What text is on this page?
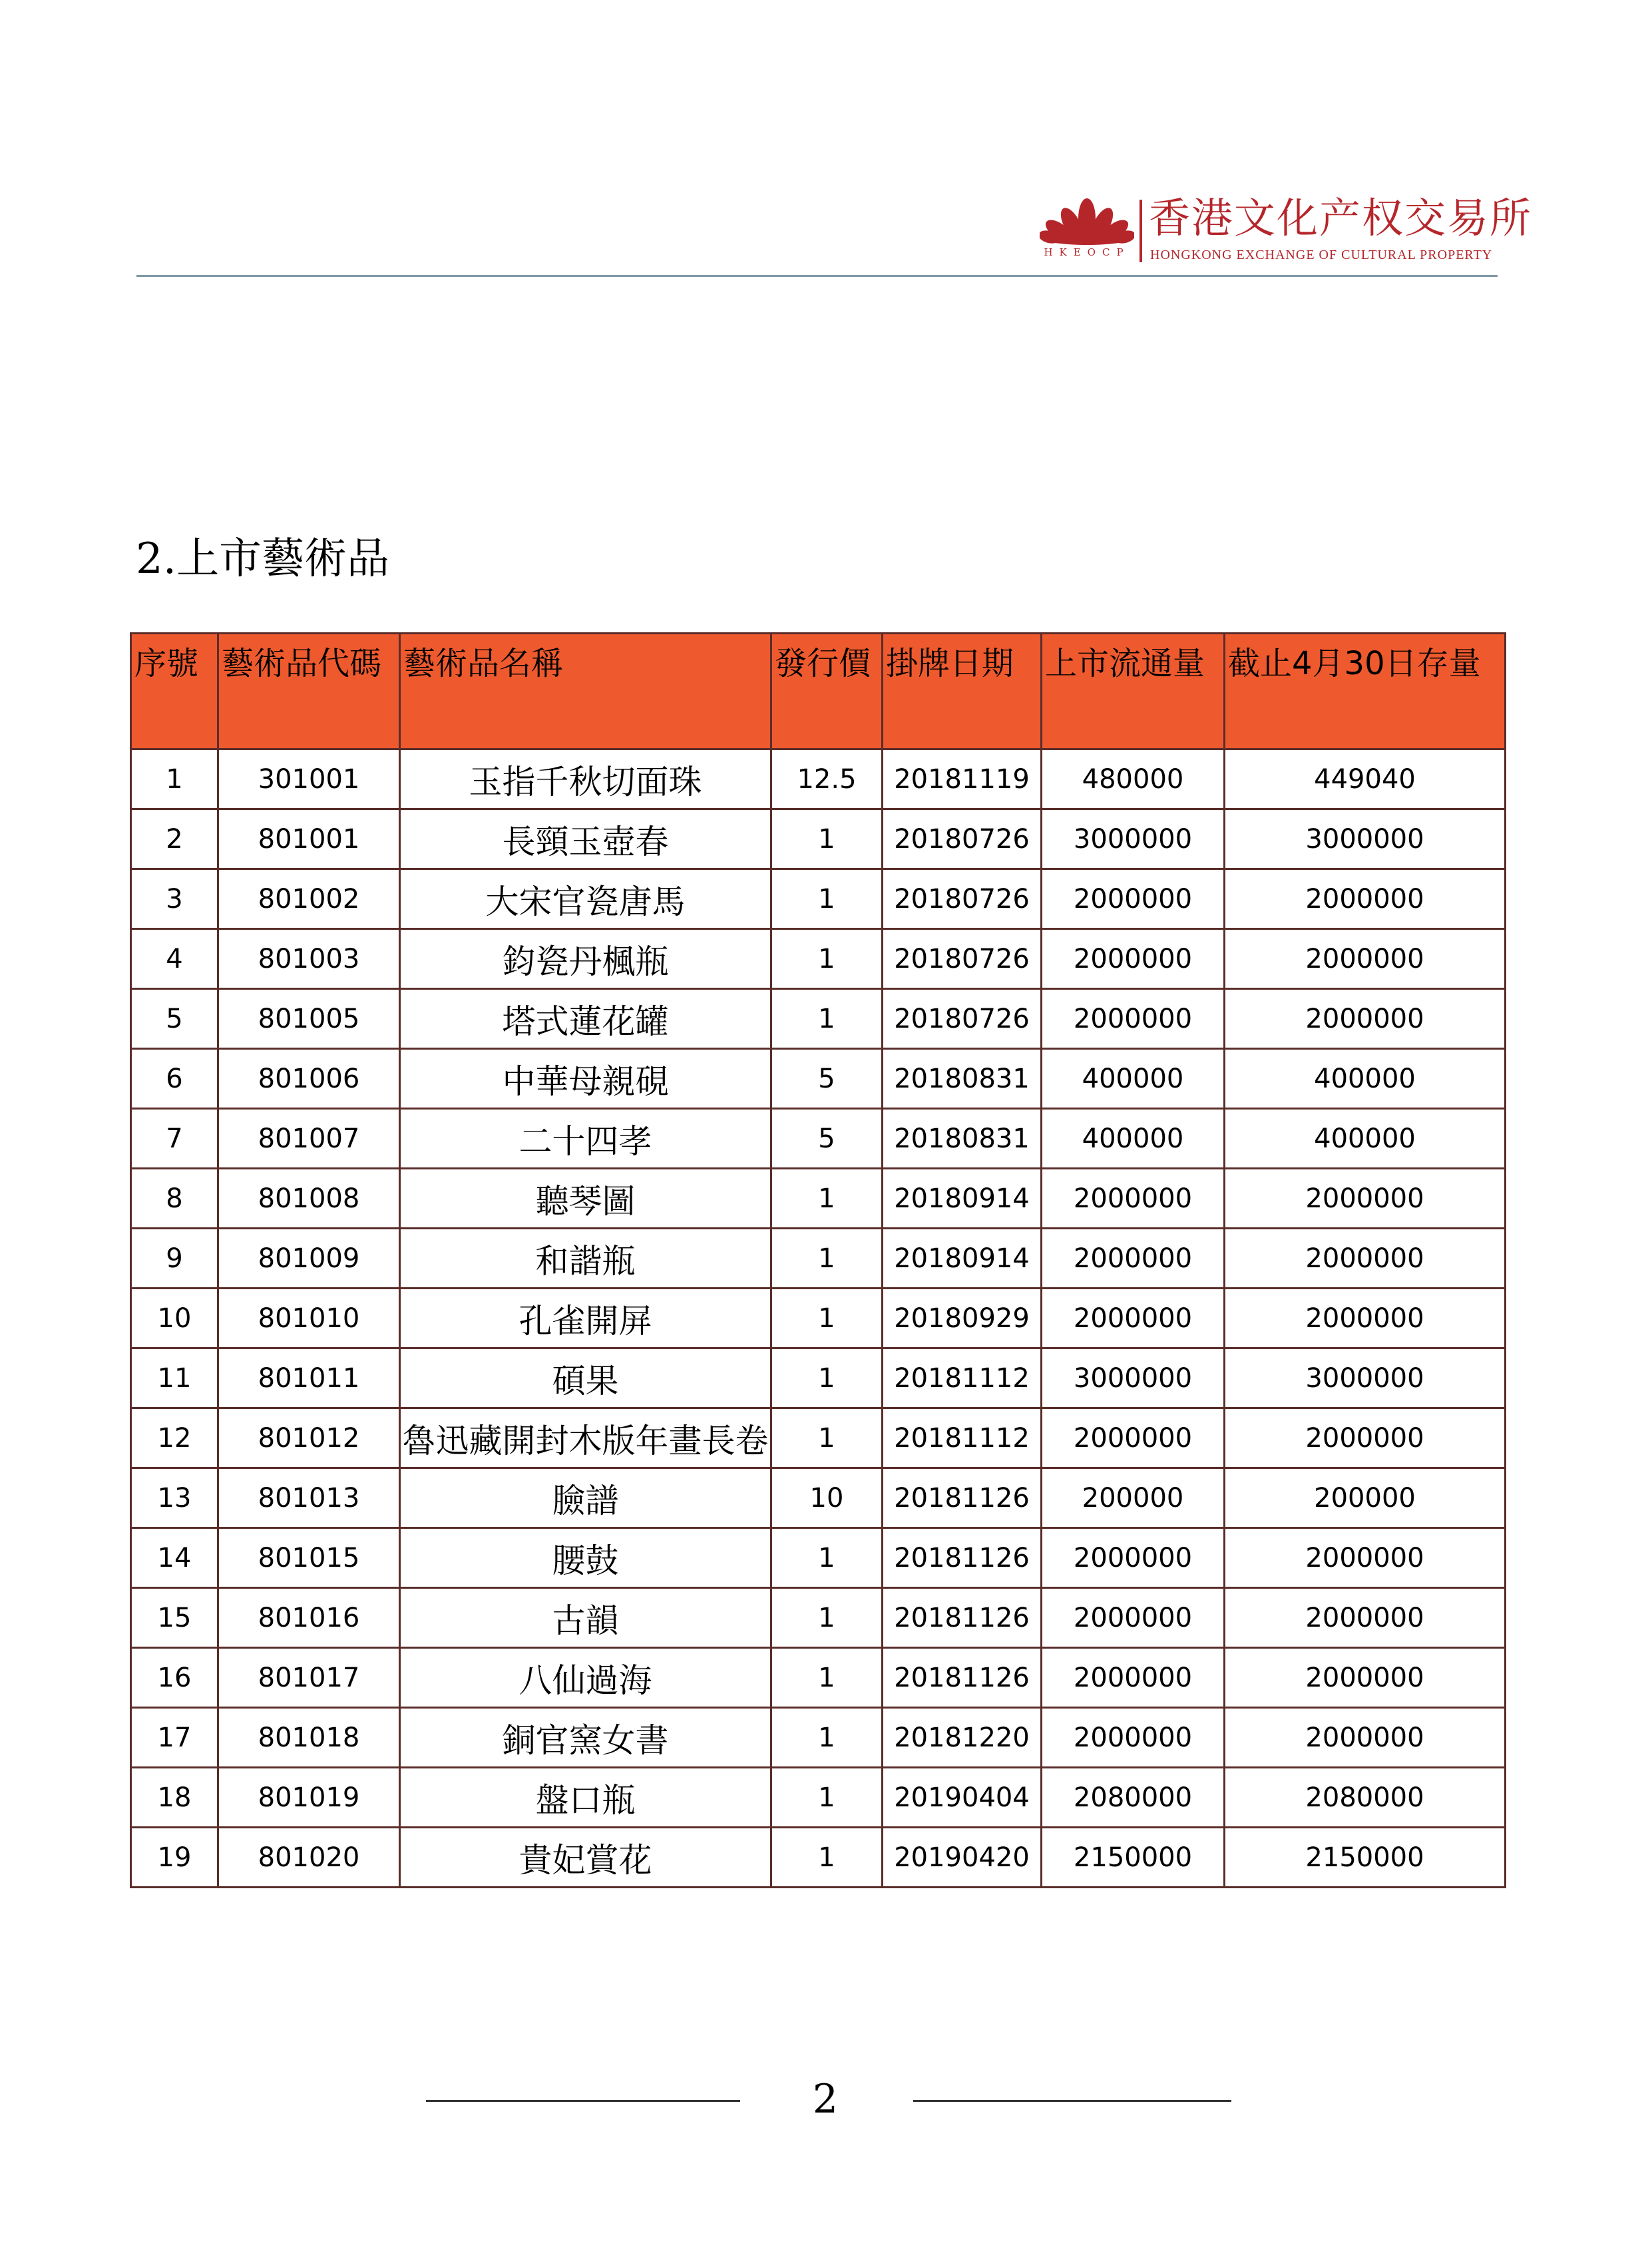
HKEOCP
香港文化产权交易所
HONGKONG EXCHANGE OF CULTURAL PROPERTY
2.上市藝術品
序號	藝術品代碼	藝術品名稱	發行價	掛牌日期	上市流通量	截止4月30日存量
1	301001	玉指千秋切面珠	12.5	20181119	480000	449040
2	801001	長頸玉壺春	1	20180726	3000000	3000000
3	801002	大宋官瓷唐馬	1	20180726	2000000	2000000
4	801003	鈞瓷丹楓瓶	1	20180726	2000000	2000000
5	801005	塔式蓮花罐	1	20180726	2000000	2000000
6	801006	中華母親硯	5	20180831	400000	400000
7	801007	二十四孝	5	20180831	400000	400000
8	801008	聽琴圖	1	20180914	2000000	2000000
9	801009	和諧瓶	1	20180914	2000000	2000000
10	801010	孔雀開屏	1	20180929	2000000	2000000
11	801011	碩果	1	20181112	3000000	3000000
12	801012	魯迅藏開封木版年畫長卷	1	20181112	2000000	2000000
13	801013	臉譜	10	20181126	200000	200000
14	801015	腰鼓	1	20181126	2000000	2000000
15	801016	古韻	1	20181126	2000000	2000000
16	801017	八仙過海	1	20181126	2000000	2000000
17	801018	銅官窯女書	1	20181220	2000000	2000000
18	801019	盤口瓶	1	20190404	2080000	2080000
19	801020	貴妃賞花	1	20190420	2150000	2150000
2
